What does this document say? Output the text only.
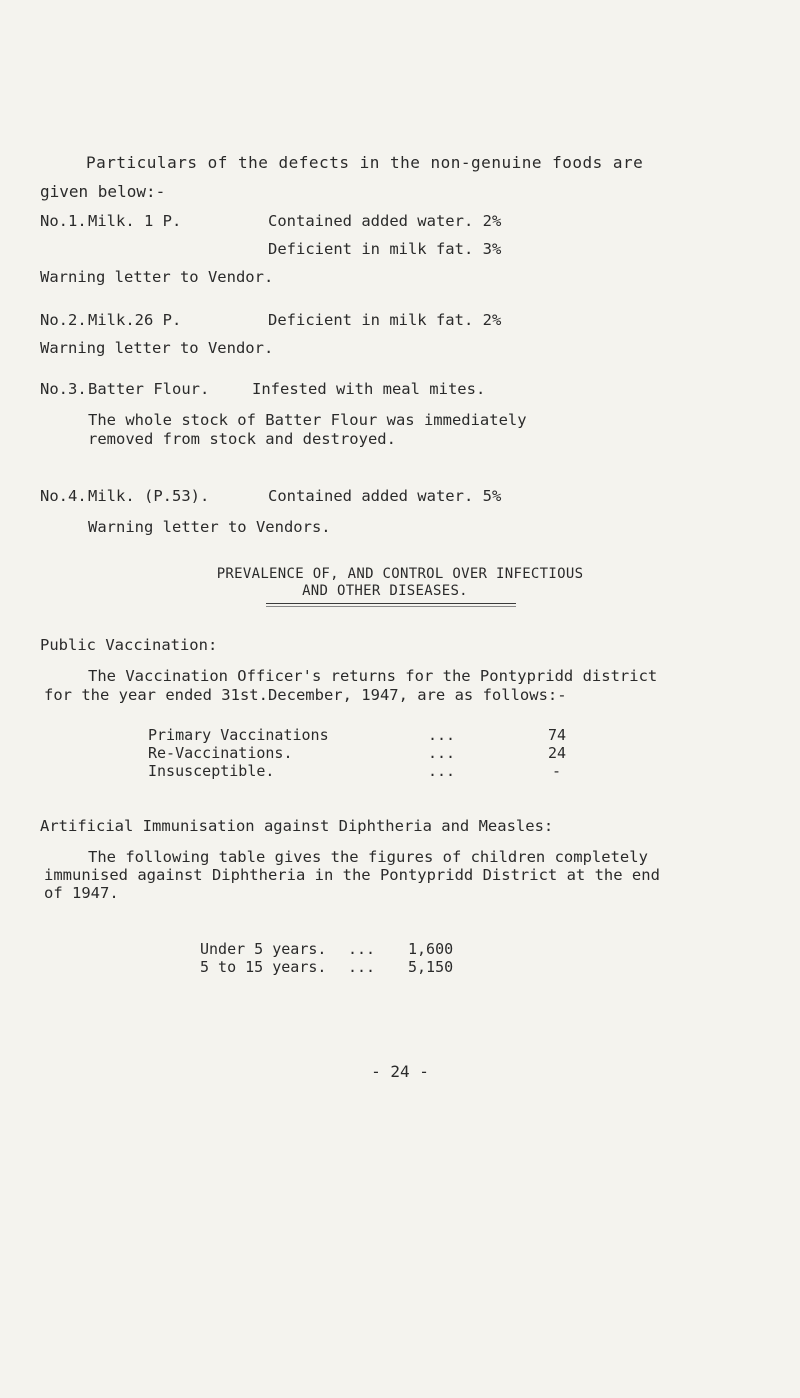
Particulars of the defects in the non-genuine foods are
given below:-
No.1. Milk. 1 P.	Contained added water. 2%
Deficient in milk fat. 3%
Warning letter to Vendor.
No.2. Milk.26 P.	Deficient in milk fat. 2%
Warning letter to Vendor.
No.3. Batter Flour.	Infested with meal mites.
The whole stock of Batter Flour was immediately
removed from stock and destroyed.
No.4. Milk. (P.53).	Contained added water. 5%
Warning letter to Vendors.
PREVALENCE OF, AND CONTROL OVER INFECTIOUS
AND OTHER DISEASES.
Public Vaccination:
The Vaccination Officer's returns for the Pontypridd district
for the year ended 31st.December, 1947, are as follows:-
Primary Vaccinations	...	74
Re-Vaccinations.	...	24
Insusceptible.	...	-
Artificial Immunisation against Diphtheria and Measles:
The following table gives the figures of children completely
immunised against Diphtheria in the Pontypridd District at the end
of 1947.
Under 5 years. ... 1,600
5 to 15 years. ... 5,150
- 24 -
